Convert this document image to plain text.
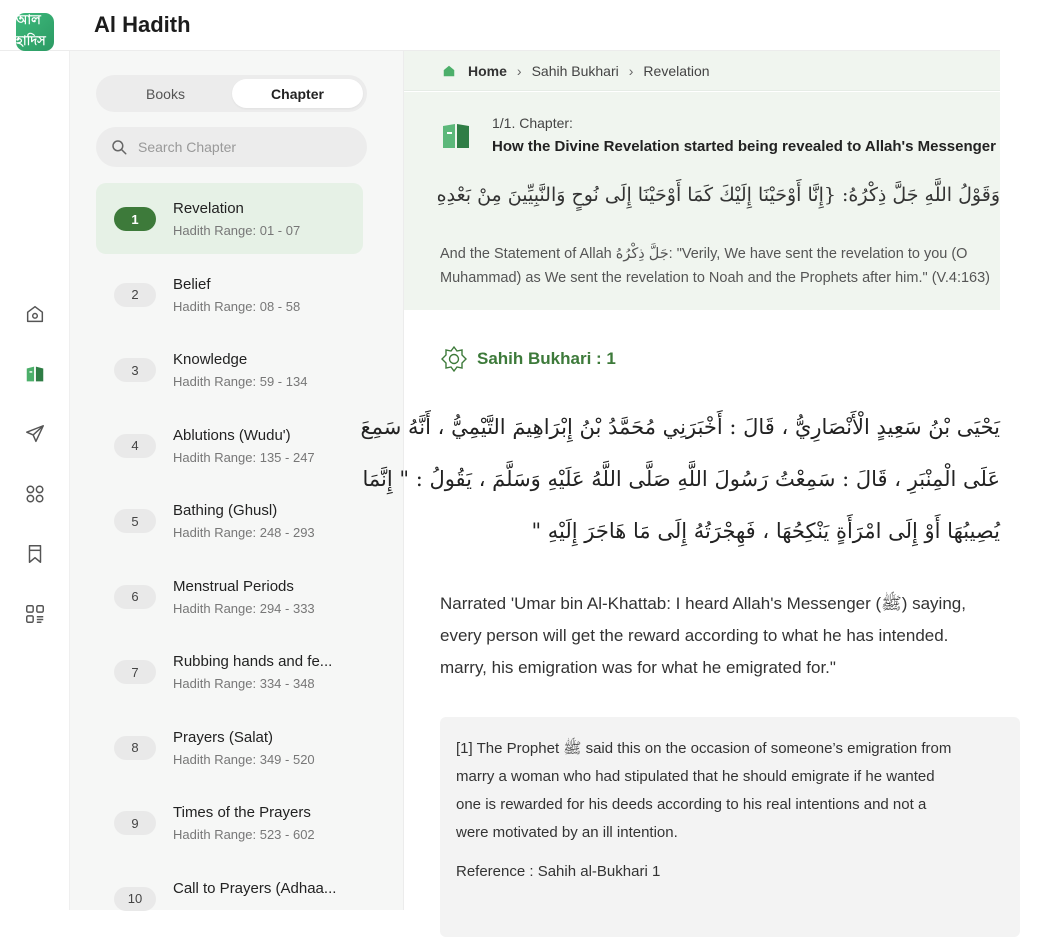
আল হাদিস
Al Hadith
Books	Chapter
Search Chapter
1
Revelation
Hadith Range: 01 - 07
2
Belief
Hadith Range: 08 - 58
3
Knowledge
Hadith Range: 59 - 134
4
Ablutions (Wudu')
Hadith Range: 135 - 247
5
Bathing (Ghusl)
Hadith Range: 248 - 293
6
Menstrual Periods
Hadith Range: 294 - 333
7
Rubbing hands and fe...
Hadith Range: 334 - 348
8
Prayers (Salat)
Hadith Range: 349 - 520
9
Times of the Prayers
Hadith Range: 523 - 602
10
Call to Prayers (Adhaa...
Home › Sahih Bukhari › Revelation
1/1. Chapter:
How the Divine Revelation started being revealed to Allah's Messenger
وَقَوْلُ اللَّهِ جَلَّ ذِكْرُهُ: {إِنَّا أَوْحَيْنَا إِلَيْكَ كَمَا أَوْحَيْنَا إِلَى نُوحٍ وَالنَّبِيِّينَ مِنْ بَعْدِهِ
And the Statement of Allah جَلَّ ذِكْرُهُ: "Verily, We have sent the revelation to you (O Muhammad) as We sent the revelation to Noah and the Prophets after him." (V.4:163)
Sahih Bukhari : 1
يَحْيَى بْنُ سَعِيدٍ الْأَنْصَارِيُّ ، قَالَ : أَخْبَرَنِي مُحَمَّدُ بْنُ إِبْرَاهِيمَ التَّيْمِيُّ ، أَنَّهُ سَمِعَ
عَلَى الْمِنْبَرِ ، قَالَ : سَمِعْتُ رَسُولَ اللَّهِ صَلَّى اللَّهُ عَلَيْهِ وَسَلَّمَ ، يَقُولُ : " إِنَّمَا
يُصِيبُهَا أَوْ إِلَى امْرَأَةٍ يَنْكِحُهَا ، فَهِجْرَتُهُ إِلَى مَا هَاجَرَ إِلَيْهِ "
Narrated 'Umar bin Al-Khattab: I heard Allah's Messenger (ﷺ) saying,
every person will get the reward according to what he has intended.
marry, his emigration was for what he emigrated for."
[1] The Prophet ﷺ said this on the occasion of someone’s emigration from
marry a woman who had stipulated that he should emigrate if he wanted
one is rewarded for his deeds according to his real intentions and not a
were motivated by an ill intention.
Reference : Sahih al-Bukhari 1
